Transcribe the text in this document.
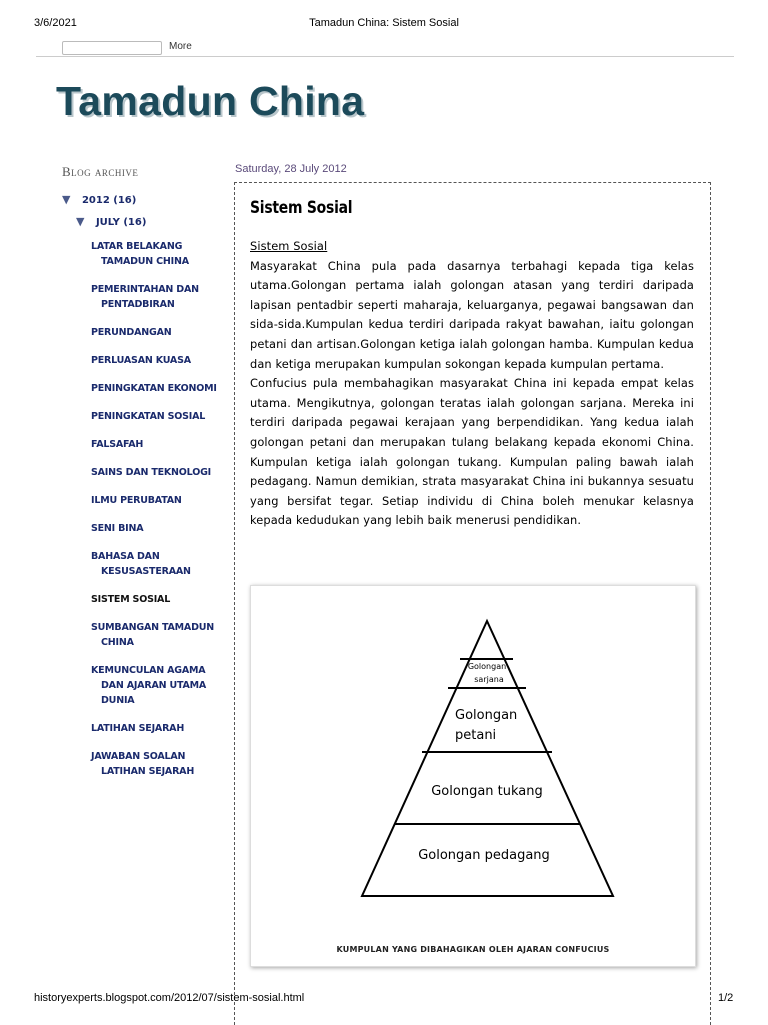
3/6/2021	Tamadun China: Sistem Sosial
More
Tamadun China
Blog archive
▼ 2012 (16)
▼ JULY (16)
LATAR BELAKANG TAMADUN CHINA
PEMERINTAHAN DAN PENTADBIRAN
PERUNDANGAN
PERLUASAN KUASA
PENINGKATAN EKONOMI
PENINGKATAN SOSIAL
FALSAFAH
SAINS DAN TEKNOLOGI
ILMU PERUBATAN
SENI BINA
BAHASA DAN KESUSASTERAAN
SISTEM SOSIAL
SUMBANGAN TAMADUN CHINA
KEMUNCULAN AGAMA DAN AJARAN UTAMA DUNIA
LATIHAN SEJARAH
JAWABAN SOALAN LATIHAN SEJARAH
Saturday, 28 July 2012
Sistem Sosial

Sistem Sosial

Masyarakat China pula pada dasarnya terbahagi kepada tiga kelas utama.Golongan pertama ialah golongan atasan yang terdiri daripada lapisan pentadbir seperti maharaja, keluarganya, pegawai bangsawan dan sida-sida.Kumpulan kedua terdiri daripada rakyat bawahan, iaitu golongan petani dan artisan.Golongan ketiga ialah golongan hamba. Kumpulan kedua dan ketiga merupakan kumpulan sokongan kepada kumpulan pertama.

Confucius pula membahagikan masyarakat China ini kepada empat kelas utama. Mengikutnya, golongan teratas ialah golongan sarjana. Mereka ini terdiri daripada pegawai kerajaan yang berpendidikan. Yang kedua ialah golongan petani dan merupakan tulang belakang kepada ekonomi China. Kumpulan ketiga ialah golongan tukang. Kumpulan paling bawah ialah pedagang. Namun demikian, strata masyarakat China ini bukannya sesuatu yang bersifat tegar. Setiap individu di China boleh menukar kelasnya kepada kedudukan yang lebih baik menerusi pendidikan.

Golongan
sarjana
Golongan
petani
Golongan tukang
Golongan pedagang
KUMPULAN YANG DIBAHAGIKAN OLEH AJARAN CONFUCIUS
historyexperts.blogspot.com/2012/07/sistem-sosial.html	1/2
